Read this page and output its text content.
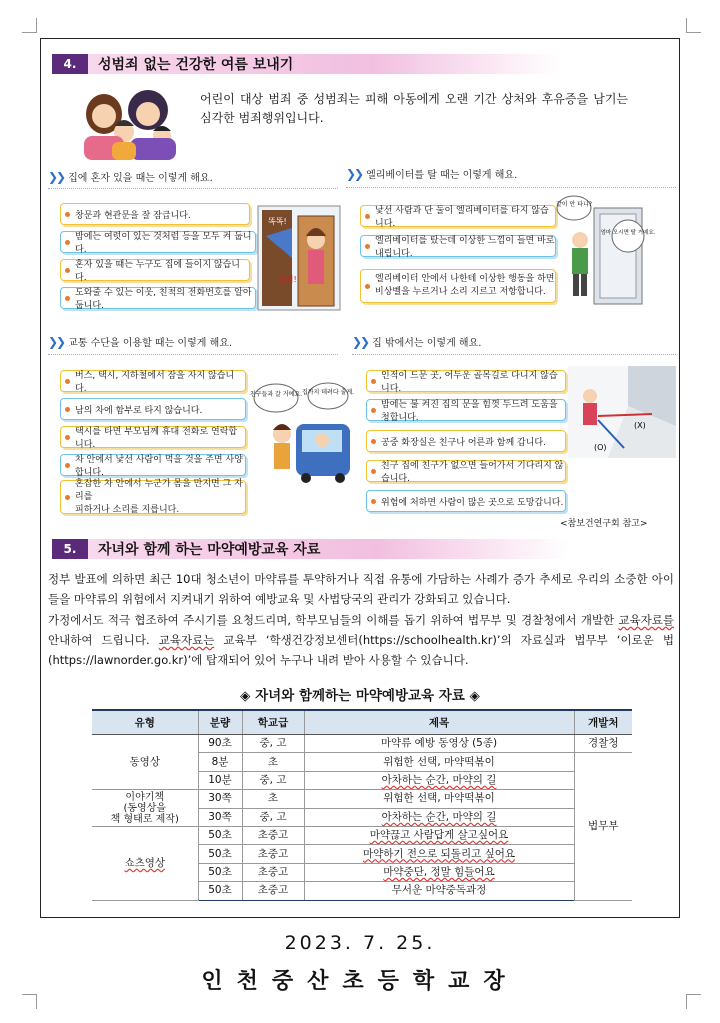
4.	성범죄 없는 건강한 여름 보내기
어린이 대상 범죄 중 성범죄는 피해 아동에게 오랜 기간 상처와 후유증을 남기는 심각한 범죄행위입니다.
❯❯ 집에 혼자 있을 때는 이렇게 해요.
창문과 현관문을 잘 잠급니다.
밤에는 여럿이 있는 것처럼 등을 모두 켜 둡니다.
혼자 있을 때는 누구도 집에 들이지 않습니다.
도와줄 수 있는 이웃, 친척의 전화번호를 알아둡니다.
똑똑!
철컥!
❯❯ 엘리베이터를 탈 때는 이렇게 해요.
낯선 사람과 단 둘이 엘리베이터를 타지 않습니다.
엘리베이터를 탔는데 이상한 느낌이 들면 바로 내립니다.
엘리베이터 안에서 나한테 이상한 행동을 하면
비상벨을 누르거나 소리 지르고 저항합니다.
같이 안 타니?
엄마 오시면 탈 거예요.
❯❯ 교통 수단을 이용할 때는 이렇게 해요.
버스, 택시, 지하철에서 잠을 자지 않습니다.
남의 차에 함부로 타지 않습니다.
택시를 타면 부모님께 휴대 전화로 연락합니다.
차 안에서 낯선 사람이 먹을 것을 주면 사양합니다.
혼잡한 차 안에서 누군가 몸을 만지면 그 자리를
피하거나 소리를 지릅니다.
친구들과 갈 거예요. 집까지 데려다 줄게.
❯❯ 집 밖에서는 이렇게 해요.
인적이 드문 곳, 어두운 골목길로 다니지 않습니다.
밤에는 불 켜진 집의 문을 힘껏 두드려 도움을 청합니다.
공중 화장실은 친구나 어른과 함께 갑니다.
친구 집에 친구가 없으면 들어가서 기다리지 않습니다.
위험에 처하면 사람이 많은 곳으로 도망갑니다.
(X)
(O)
<참보건연구회 참고>
5.	자녀와 함께 하는 마약예방교육 자료
정부 발표에 의하면 최근 10대 청소년이 마약류를 투약하거나 직접 유통에 가담하는 사례가 증가 추세로 우리의 소중한 아이들을 마약류의 위험에서 지켜내기 위하여 예방교육 및 사법당국의 관리가 강화되고 있습니다.
가정에서도 적극 협조하여 주시기를 요청드리며, 학부모님들의 이해를 돕기 위하여 법무부 및 경찰청에서 개발한 교육자료를 안내하여 드립니다. 교육자료는 교육부 ‘학생건강정보센터(https://schoolhealth.kr)’의 자료실과 법무부 ‘이로운 법(https://lawnorder.go.kr)’에 탑재되어 있어 누구나 내려 받아 사용할 수 있습니다.
◈ 자녀와 함께하는 마약예방교육 자료 ◈
유형	분량	학교급	제목	개발처
동영상	90초	중, 고	마약류 예방 동영상 (5종)	경찰청
	8분	초	위험한 선택, 마약떡볶이	법무부
	10분	중, 고	아차하는 순간, 마약의 길	
이야기책
(동영상을
책 형태로 제작)	30쪽	초	위험한 선택, 마약떡볶이	
	30쪽	중, 고	아차하는 순간, 마약의 길	
쇼츠영상	50초	초중고	마약끊고 사람답게 살고싶어요	
	50초	초중고	마약하기 전으로 되돌리고 싶어요	
	50초	초중고	마약중단, 정말 힘들어요	
	50초	초중고	무서운 마약중독과정	
2023. 7. 25.
인천중산초등학교장
